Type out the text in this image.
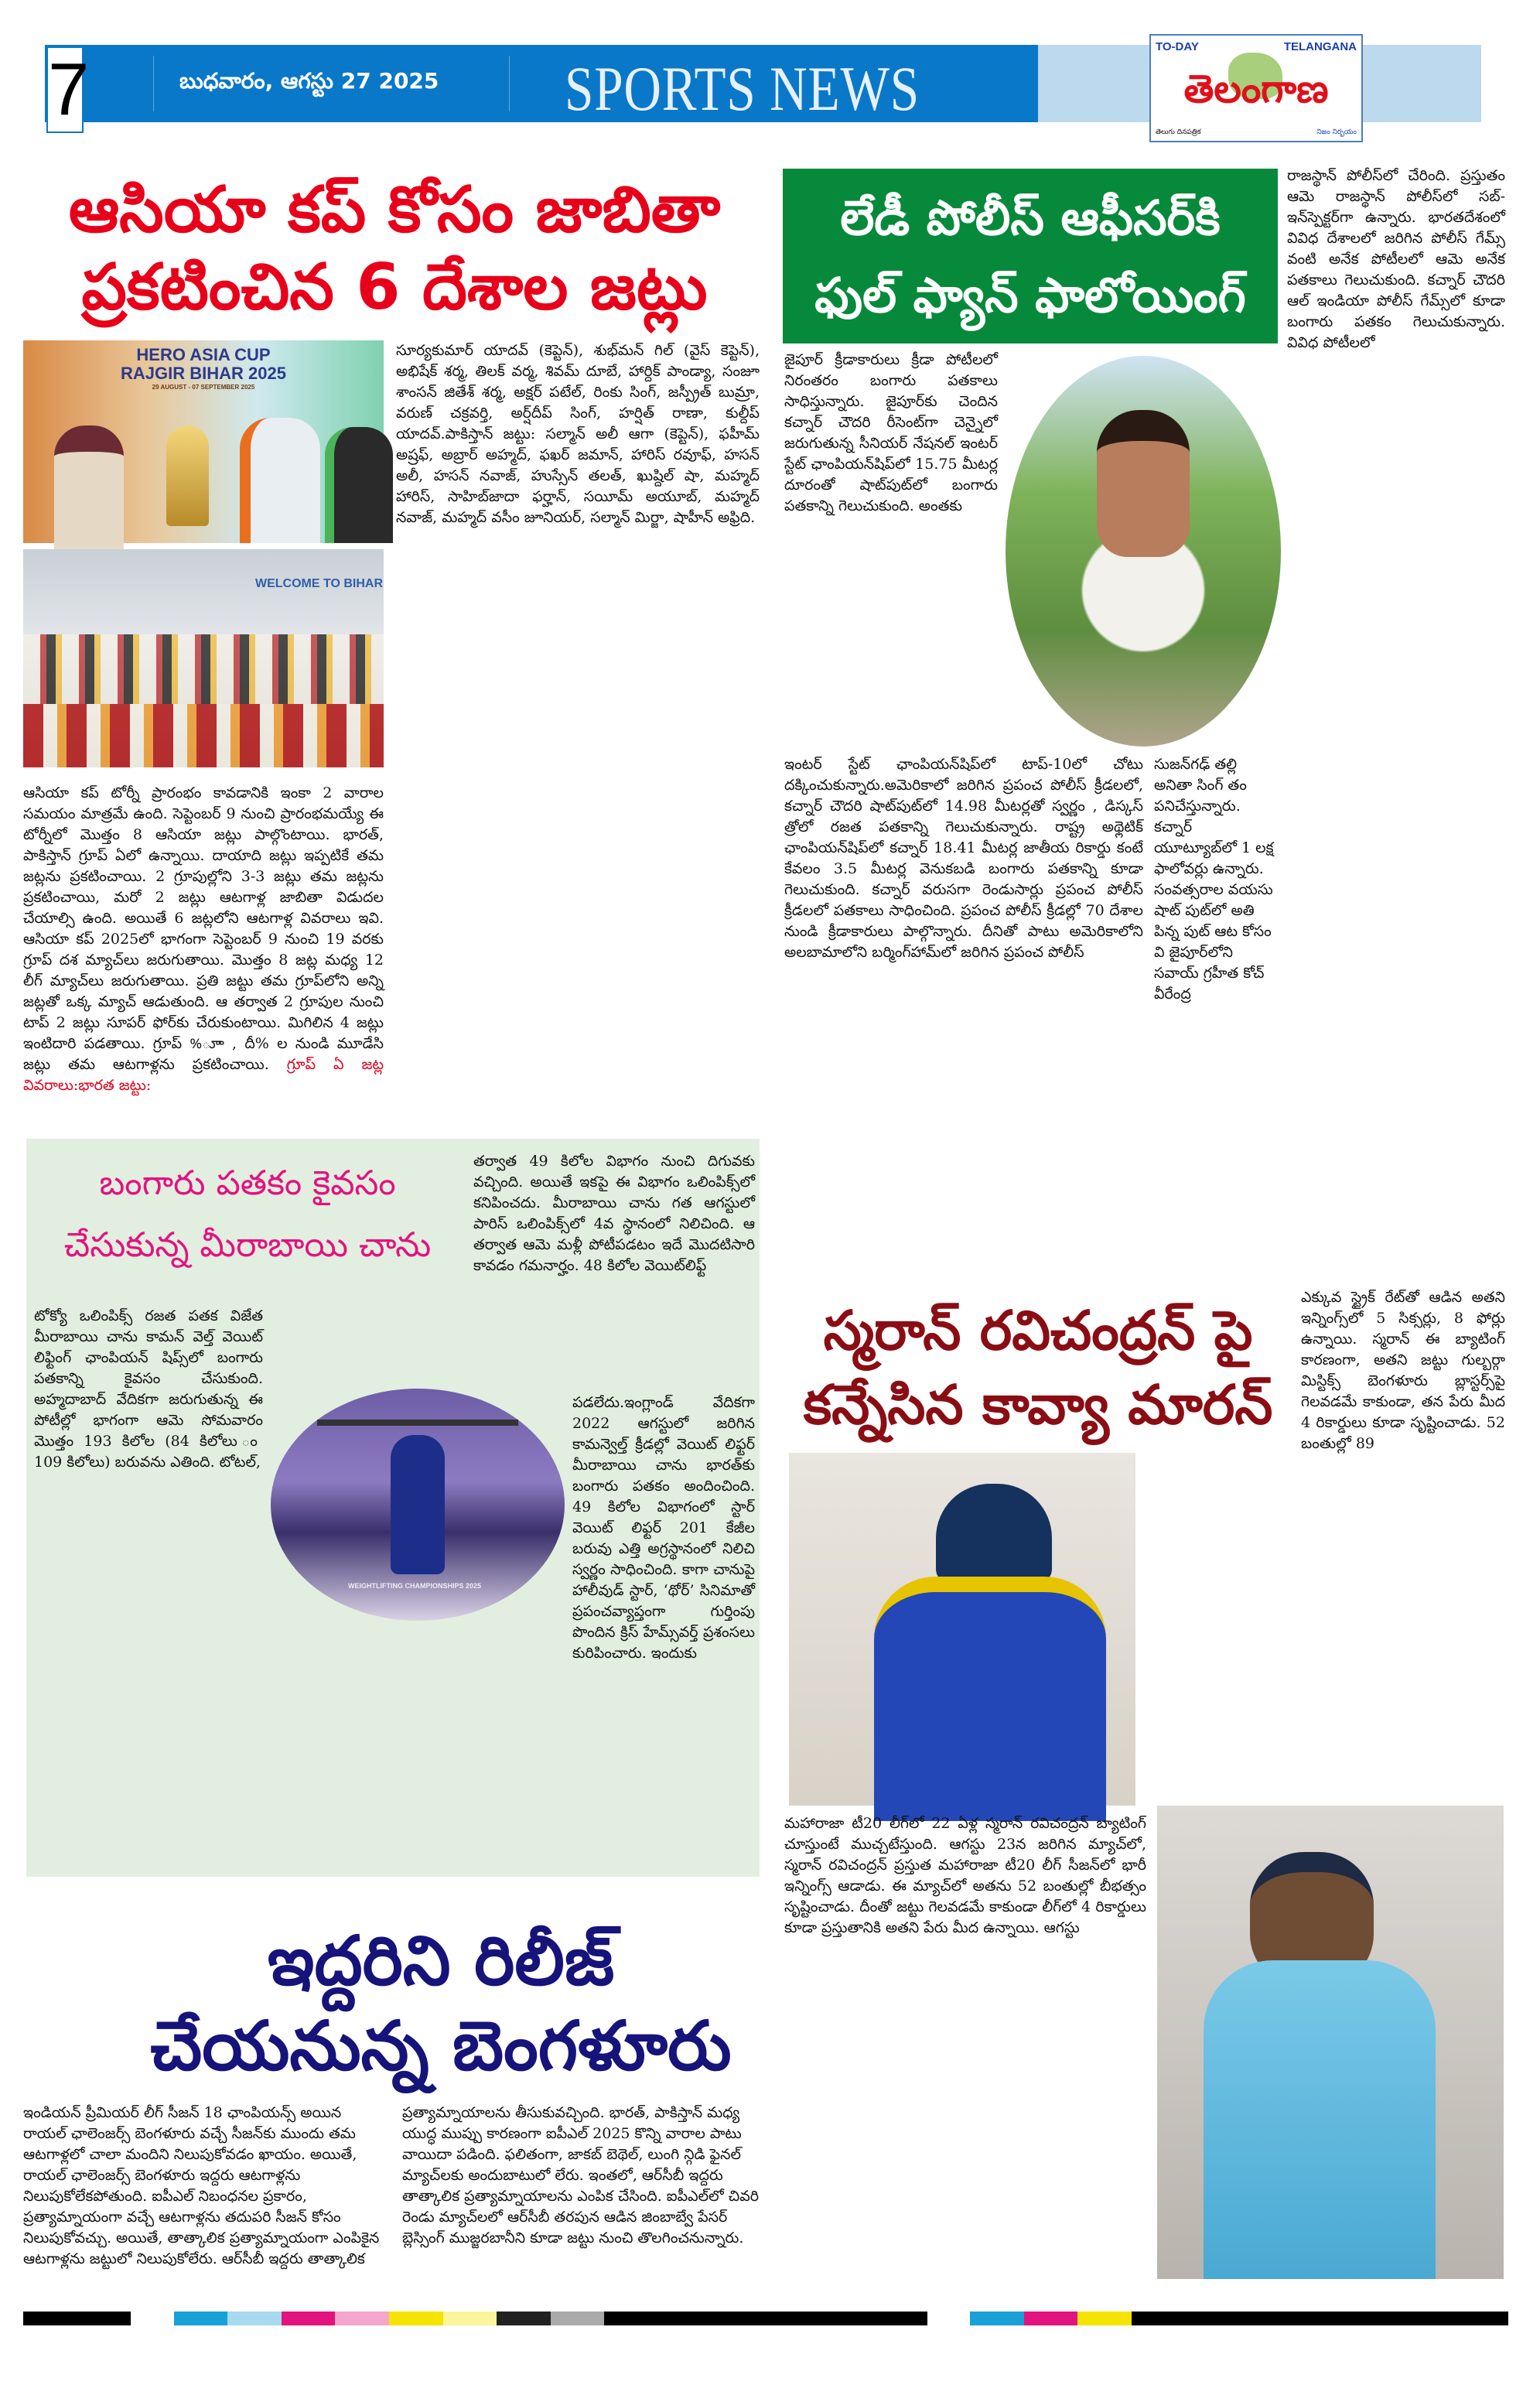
7	బుధవారం, ఆగస్టు 27 2025 SPORTS NEWS
TO-DAY	TELANGANA
తెలంగాణ
తెలుగు దినపత్రిక	నిజం నిర్భయం
ఆసియా కప్ కోసం జాబితా
ప్రకటించిన 6 దేశాల జట్లు
HERO ASIA CUP
RAJGIR BIHAR 2025
29 AUGUST - 07 SEPTEMBER 2025
WELCOME TO BIHAR
ఆసియా కప్ టోర్నీ ప్రారంభం కావడానికి ఇంకా 2 వారాల సమయం మాత్రమే ఉంది. సెప్టెంబర్ 9 నుంచి ప్రారంభమయ్యే ఈ టోర్నీలో మొత్తం 8 ఆసియా జట్లు పాల్గొంటాయి. భారత్, పాకిస్తాన్ గ్రూప్ ఏలో ఉన్నాయి. దాయాది జట్లు ఇప్పటికే తమ జట్లను ప్రకటించాయి. 2 గ్రూపుల్లోని 3-3 జట్లు తమ జట్లను ప్రకటించాయి, మరో 2 జట్లు ఆటగాళ్ల జాబితా విడుదల చేయాల్సి ఉంది. అయితే 6 జట్లలోని ఆటగాళ్ల వివరాలు ఇవి. ఆసియా కప్ 2025లో భాగంగా సెప్టెంబర్ 9 నుంచి 19 వరకు గ్రూప్ దశ మ్యాచ్‌లు జరుగుతాయి. మొత్తం 8 జట్ల మధ్య 12 లీగ్ మ్యాచ్‌లు జరుగుతాయి. ప్రతి జట్టు తమ గ్రూప్‌లోని అన్ని జట్లతో ఒక్క మ్యాచ్ ఆడుతుంది. ఆ తర్వాత 2 గ్రూపుల నుంచి టాప్ 2 జట్లు సూపర్ ఫోర్‌కు చేరుకుంటాయి. మిగిలిన 4 జట్లు ఇంటిదారి పడతాయి. గ్రూప్ %ూా , దీ% ల నుండి మూడేసి జట్లు తమ ఆటగాళ్లను ప్రకటించాయి. గ్రూప్ ఏ జట్ల వివరాలు:భారత జట్టు:
సూర్యకుమార్ యాదవ్ (కెప్టెన్), శుభ్‌మన్ గిల్ (వైస్ కెప్టెన్), అభిషేక్ శర్మ, తిలక్ వర్మ, శివమ్ దూబే, హార్దిక్ పాండ్యా, సంజూ శాంసన్ జితేశ్ శర్మ, అక్షర్ పటేల్, రింకు సింగ్, జస్ప్రీత్ బుమ్రా, వరుణ్ చక్రవర్తి, అర్ష్‌దీప్ సింగ్, హర్షిత్ రాణా, కుల్దీప్ యాదవ్.పాకిస్తాన్ జట్టు: సల్మాన్ అలీ ఆగా (కెప్టెన్), ఫహీమ్ అష్రఫ్, అబ్రార్ అహ్మద్, ఫఖర్ జమాన్, హారిస్ రవూఫ్, హసన్ అలీ, హసన్ నవాజ్, హుస్సేన్ తలత్, ఖుష్దిల్ షా, మహ్మద్ హారిస్, సాహిబ్‌జాదా ఫర్హాన్, సయీమ్ అయూబ్, మహ్మద్ నవాజ్, మహ్మద్ వసీం జూనియర్, సల్మాన్ మిర్జా, షాహీన్ అఫ్రిది.
లేడీ పోలీస్ ఆఫీసర్‌కి
ఫుల్ ఫ్యాన్ ఫాలోయింగ్
రాజస్థాన్ పోలీస్‌లో చేరింది. ప్రస్తుతం ఆమె రాజస్థాన్ పోలీస్‌లో సబ్-ఇన్‌స్పెక్టర్‌గా ఉన్నారు. భారతదేశంలో వివిధ దేశాలలో జరిగిన పోలీస్ గేమ్స్ వంటి అనేక పోటీలలో ఆమె అనేక పతకాలు గెలుచుకుంది. కచ్నార్ చౌదరి ఆల్ ఇండియా పోలీస్ గేమ్స్‌లో కూడా బంగారు పతకం గెలుచుకున్నారు. వివిధ పోటీలలో
జైపూర్ క్రీడాకారులు క్రీడా పోటీలలో నిరంతరం బంగారు పతకాలు సాధిస్తున్నారు. జైపూర్‌కు చెందిన కచ్నార్ చౌదరి రీసెంట్‌గా చెన్నైలో జరుగుతున్న సీనియర్ నేషనల్ ఇంటర్ స్టేట్ ఛాంపియన్‌షిప్‌లో 15.75 మీటర్ల దూరంతో షాట్‌పుట్‌లో బంగారు పతకాన్ని గెలుచుకుంది. అంతకు
ఇంటర్ స్టేట్ ఛాంపియన్‌షిప్‌లో టాప్-10లో చోటు దక్కించుకున్నారు.అమెరికాలో జరిగిన ప్రపంచ పోలీస్ క్రీడలలో, కచ్నార్ చౌదరి షాట్‌పుట్‌లో 14.98 మీటర్లతో స్వర్ణం , డిస్కస్ త్రోలో రజత పతకాన్ని గెలుచుకున్నారు. రాష్ట్ర అథ్లెటిక్ ఛాంపియన్‌షిప్‌లో కచ్నార్ 18.41 మీటర్ల జాతీయ రికార్డు కంటే కేవలం 3.5 మీటర్ల వెనుకబడి బంగారు పతకాన్ని కూడా గెలుచుకుంది. కచ్నార్ వరుసగా రెండుసార్లు ప్రపంచ పోలీస్ క్రీడలలో పతకాలు సాధించింది. ప్రపంచ పోలీస్ క్రీడల్లో 70 దేశాల నుండి క్రీడాకారులు పాల్గొన్నారు. దీనితో పాటు అమెరికాలోని అలబామాలోని బర్మింగ్‌హామ్‌లో జరిగిన ప్రపంచ పోలీస్
సుజన్‌గఢ్ తల్లి అనితా సింగ్ తం పనిచేస్తున్నారు. కచ్నార్ యూట్యూబ్‌లో 1 లక్ష ఫాలోవర్లు ఉన్నారు. సంవత్సరాల వయసు షాట్ పుట్‌లో అతి పిన్న పుట్ ఆట కోసం వి జైపూర్‌లోని సవాయ్ గ్రహీత కోచ్ వీరేంద్ర
బంగారు పతకం కైవసం
చేసుకున్న మీరాబాయి చాను
తర్వాత 49 కిలోల విభాగం నుంచి దిగువకు వచ్చింది. అయితే ఇకపై ఈ విభాగం ఒలింపిక్స్‌లో కనిపించదు. మీరాబాయి చాను గత ఆగస్టులో పారిస్ ఒలింపిక్స్‌లో 4వ స్థానంలో నిలిచింది. ఆ తర్వాత ఆమె మళ్లీ పోటీపడటం ఇదే మొదటిసారి కావడం గమనార్హం. 48 కిలోల వెయిట్‌లిఫ్ట్
టోక్యో ఒలింపిక్స్ రజత పతక విజేత మీరాబాయి చాను కామన్ వెల్త్ వెయిట్ లిఫ్టింగ్ ఛాంపియన్ షిప్స్‌లో బంగారు పతకాన్ని కైవసం చేసుకుంది. అహ్మదాబాద్ వేదికగా జరుగుతున్న ఈ పోటీల్లో భాగంగా ఆమె సోమవారం మొత్తం 193 కిలోల (84 కిలోలు ం 109 కిలోలు) బరువను ఎతింది. టోటల్,
WEIGHTLIFTING CHAMPIONSHIPS 2025
పడలేదు.ఇంగ్లాండ్ వేదికగా 2022 ఆగస్టులో జరిగిన కామన్వెల్త్ క్రీడల్లో వెయిట్ లిఫ్టర్ మీరాబాయి చాను భారత్‌కు బంగారు పతకం అందించింది. 49 కిలోల విభాగంలో స్టార్ వెయిట్ లిఫ్టర్ 201 కేజీల బరువు ఎత్తి అగ్రస్థానంలో నిలిచి స్వర్ణం సాధించింది. కాగా చానుపై హాలీవుడ్ స్టార్, ‘థోర్’ సినిమాతో ప్రపంచవ్యాప్తంగా గుర్తింపు పొందిన క్రిస్ హేమ్స్‌వర్త్ ప్రశంసలు కురిపించారు. ఇందుకు
స్మరాన్ రవిచంద్రన్ పై
కన్నేసిన కావ్యా మారన్
ఎక్కువ స్ట్రైక్ రేట్‌తో ఆడిన అతని ఇన్నింగ్స్‌లో 5 సిక్సర్లు, 8 ఫోర్లు ఉన్నాయి. స్మరాన్ ఈ బ్యాటింగ్ కారణంగా, అతని జట్టు గుల్బర్గా మిస్టిక్స్ బెంగళూరు బ్లాస్టర్స్‌పై గెలవడమే కాకుండా, తన పేరు మీద 4 రికార్డులు కూడా సృష్టించాడు. 52 బంతుల్లో 89
మహారాజా టీ20 లీగ్‌లో 22 ఏళ్ల స్మరాన్ రవిచంద్రన్ బ్యాటింగ్ చూస్తుంటే ముచ్చటేస్తుంది. ఆగస్టు 23న జరిగిన మ్యాచ్‌లో, స్మరాన్ రవిచంద్రన్ ప్రస్తుత మహారాజా టీ20 లీగ్ సీజన్‌లో భారీ ఇన్నింగ్స్ ఆడాడు. ఈ మ్యాచ్‌లో అతను 52 బంతుల్లో బీభత్సం సృష్టించాడు. దీంతో జట్టు గెలవడమే కాకుండా లీగ్‌లో 4 రికార్డులు కూడా ప్రస్తుతానికి అతని పేరు మీద ఉన్నాయి. ఆగస్టు
ఇద్దరిని రిలీజ్
చేయనున్న బెంగళూరు
ఇండియన్ ప్రీమియర్ లీగ్ సీజన్ 18 ఛాంపియన్స్ అయిన రాయల్ ఛాలెంజర్స్ బెంగళూరు వచ్చే సీజన్‌కు ముందు తమ ఆటగాళ్లలో చాలా మందిని నిలుపుకోవడం ఖాయం. అయితే, రాయల్ ఛాలెంజర్స్ బెంగళూరు ఇద్దరు ఆటగాళ్లను నిలుపుకోలేకపోతుంది. ఐపీఎల్ నిబంధనల ప్రకారం, ప్రత్యామ్నాయంగా వచ్చే ఆటగాళ్లను తదుపరి సీజన్ కోసం నిలుపుకోవచ్చు. అయితే, తాత్కాలిక ప్రత్యామ్నాయంగా ఎంపికైన ఆటగాళ్లను జట్టులో నిలుపుకోలేరు. ఆర్‌సీబీ ఇద్దరు తాత్కాలిక
ప్రత్యామ్నాయాలను తీసుకువచ్చింది. భారత్, పాకిస్తాన్ మధ్య యుద్ధ ముప్పు కారణంగా ఐపీఎల్ 2025 కొన్ని వారాల పాటు వాయిదా పడింది. ఫలితంగా, జాకబ్ బెథెల్, లుంగి న్గిడి ఫైనల్ మ్యాచ్‌లకు అందుబాటులో లేరు. ఇంతలో, ఆర్‌సీబీ ఇద్దరు తాత్కాలిక ప్రత్యామ్నాయాలను ఎంపిక చేసింది. ఐపీఎల్‌లో చివరి రెండు మ్యాచ్‌లలో ఆర్‌సీబీ తరపున ఆడిన జింబాబ్వే పేసర్ బ్లెస్సింగ్ ముజ్జరబానీని కూడా జట్టు నుంచి తొలగించనున్నారు.
